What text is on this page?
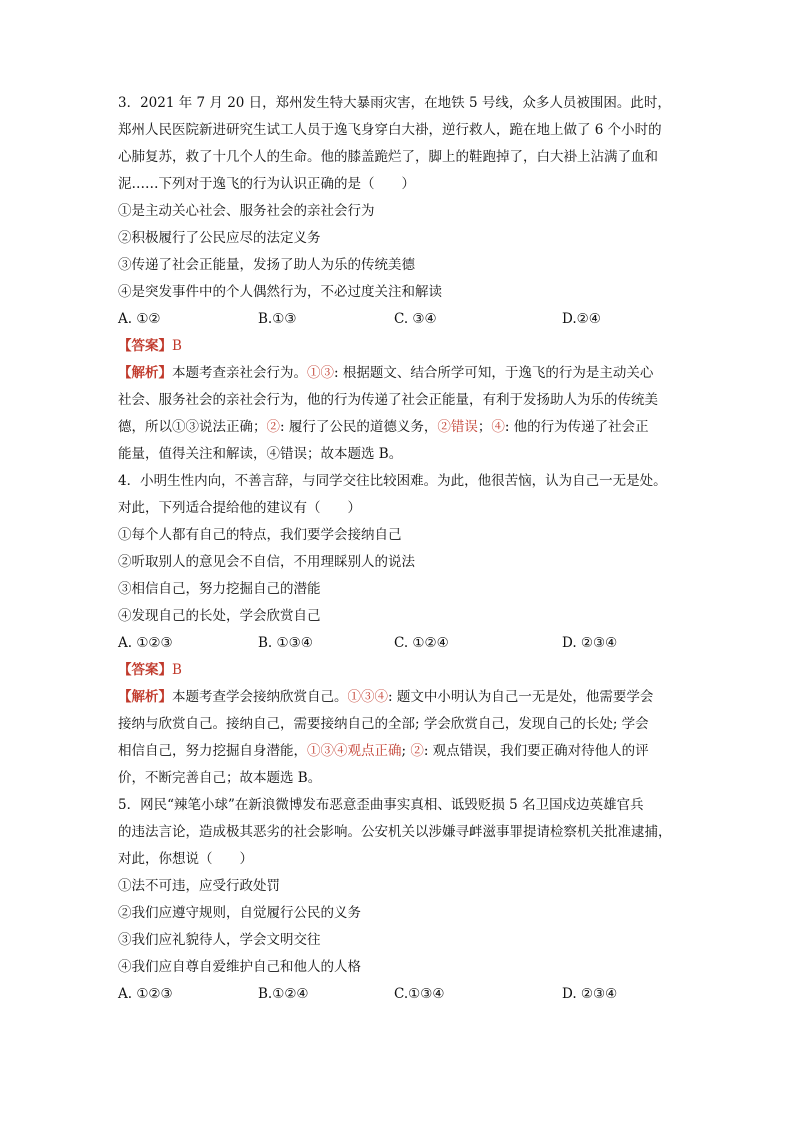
3．2021 年 7 月 20 日，郑州发生特大暴雨灾害，在地铁 5 号线，众多人员被围困。此时，
郑州人民医院新进研究生试工人员于逸飞身穿白大褂，逆行救人，跪在地上做了 6 个小时的
心肺复苏，救了十几个人的生命。他的膝盖跪烂了，脚上的鞋跑掉了，白大褂上沾满了血和
泥……下列对于逸飞的行为认识正确的是（　　）
①是主动关心社会、服务社会的亲社会行为
②积极履行了公民应尽的法定义务
③传递了社会正能量，发扬了助人为乐的传统美德
④是突发事件中的个人偶然行为，不必过度关注和解读
A. ①②	B.①③	C. ③④	D.②④
【答案】B
【解析】本题考查亲社会行为。①③: 根据题文、结合所学可知，于逸飞的行为是主动关心
社会、服务社会的亲社会行为，他的行为传递了社会正能量，有利于发扬助人为乐的传统美
德，所以①③说法正确；②: 履行了公民的道德义务，②错误；④: 他的行为传递了社会正
能量，值得关注和解读，④错误；故本题选 B。
4．小明生性内向，不善言辞，与同学交往比较困难。为此，他很苦恼，认为自己一无是处。
对此，下列适合提给他的建议有（　　）
①每个人都有自己的特点，我们要学会接纳自己
②听取别人的意见会不自信，不用理睬别人的说法
③相信自己，努力挖掘自己的潜能
④发现自己的长处，学会欣赏自己
A. ①②③	B. ①③④	C. ①②④	D. ②③④
【答案】B
【解析】本题考查学会接纳欣赏自己。①③④: 题文中小明认为自己一无是处，他需要学会
接纳与欣赏自己。接纳自己，需要接纳自己的全部; 学会欣赏自己，发现自己的长处; 学会
相信自己，努力挖掘自身潜能，①③④观点正确; ②: 观点错误，我们要正确对待他人的评
价，不断完善自己；故本题选 B。
5．网民“辣笔小球”在新浪微博发布恶意歪曲事实真相、诋毁贬损 5 名卫国戍边英雄官兵
的违法言论，造成极其恶劣的社会影响。公安机关以涉嫌寻衅滋事罪提请检察机关批准逮捕，
对此，你想说（　　）
①法不可违，应受行政处罚
②我们应遵守规则，自觉履行公民的义务
③我们应礼貌待人，学会文明交往
④我们应自尊自爱维护自己和他人的人格
A. ①②③	B.①②④	C.①③④	D. ②③④
